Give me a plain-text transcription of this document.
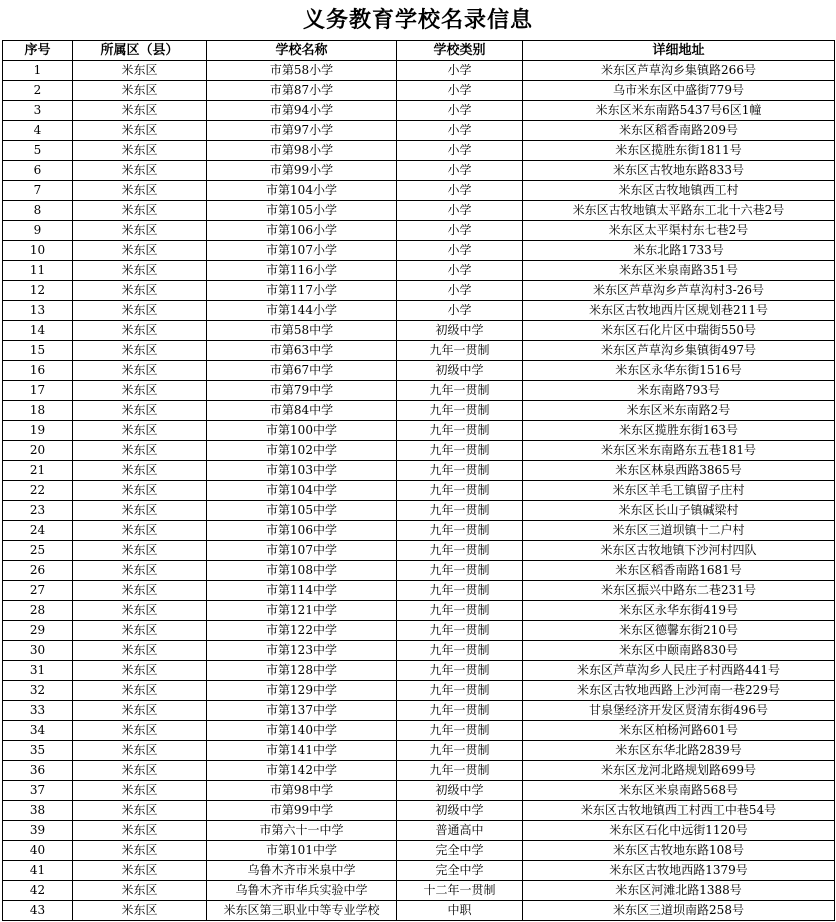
义务教育学校名录信息
序号	所属区（县）	学校名称	学校类别	详细地址
1	米东区	市第58小学	小学	米东区芦草沟乡集镇路266号
2	米东区	市第87小学	小学	乌市米东区中盛街779号
3	米东区	市第94小学	小学	米东区米东南路5437号6区1幢
4	米东区	市第97小学	小学	米东区稻香南路209号
5	米东区	市第98小学	小学	米东区揽胜东街1811号
6	米东区	市第99小学	小学	米东区古牧地东路833号
7	米东区	市第104小学	小学	米东区古牧地镇西工村
8	米东区	市第105小学	小学	米东区古牧地镇太平路东工北十六巷2号
9	米东区	市第106小学	小学	米东区太平渠村东七巷2号
10	米东区	市第107小学	小学	米东北路1733号
11	米东区	市第116小学	小学	米东区米泉南路351号
12	米东区	市第117小学	小学	米东区芦草沟乡芦草沟村3-26号
13	米东区	市第144小学	小学	米东区古牧地西片区规划巷211号
14	米东区	市第58中学	初级中学	米东区石化片区中瑞街550号
15	米东区	市第63中学	九年一贯制	米东区芦草沟乡集镇街497号
16	米东区	市第67中学	初级中学	米东区永华东街1516号
17	米东区	市第79中学	九年一贯制	米东南路793号
18	米东区	市第84中学	九年一贯制	米东区米东南路2号
19	米东区	市第100中学	九年一贯制	米东区揽胜东街163号
20	米东区	市第102中学	九年一贯制	米东区米东南路东五巷181号
21	米东区	市第103中学	九年一贯制	米东区林泉西路3865号
22	米东区	市第104中学	九年一贯制	米东区羊毛工镇留子庄村
23	米东区	市第105中学	九年一贯制	米东区长山子镇碱梁村
24	米东区	市第106中学	九年一贯制	米东区三道坝镇十二户村
25	米东区	市第107中学	九年一贯制	米东区古牧地镇下沙河村四队
26	米东区	市第108中学	九年一贯制	米东区稻香南路1681号
27	米东区	市第114中学	九年一贯制	米东区振兴中路东二巷231号
28	米东区	市第121中学	九年一贯制	米东区永华东街419号
29	米东区	市第122中学	九年一贯制	米东区德馨东街210号
30	米东区	市第123中学	九年一贯制	米东区中颐南路830号
31	米东区	市第128中学	九年一贯制	米东区芦草沟乡人民庄子村西路441号
32	米东区	市第129中学	九年一贯制	米东区古牧地西路上沙河南一巷229号
33	米东区	市第137中学	九年一贯制	甘泉堡经济开发区贤清东街496号
34	米东区	市第140中学	九年一贯制	米东区柏杨河路601号
35	米东区	市第141中学	九年一贯制	米东区东华北路2839号
36	米东区	市第142中学	九年一贯制	米东区龙河北路规划路699号
37	米东区	市第98中学	初级中学	米东区米泉南路568号
38	米东区	市第99中学	初级中学	米东区古牧地镇西工村西工中巷54号
39	米东区	市第六十一中学	普通高中	米东区石化中远街1120号
40	米东区	市第101中学	完全中学	米东区古牧地东路108号
41	米东区	乌鲁木齐市米泉中学	完全中学	米东区古牧地西路1379号
42	米东区	乌鲁木齐市华兵实验中学	十二年一贯制	米东区河滩北路1388号
43	米东区	米东区第三职业中等专业学校	中职	米东区三道坝南路258号
